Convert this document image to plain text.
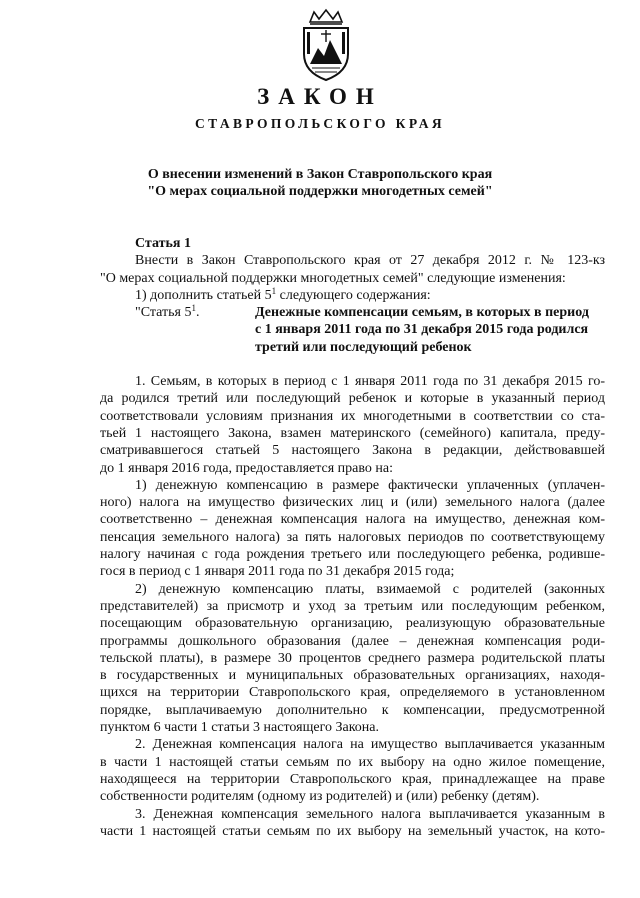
ЗАКОН
СТАВРОПОЛЬСКОГО КРАЯ
О внесении изменений в Закон Ставропольского края
"О мерах социальной поддержки многодетных семей"
Статья 1
Внести в Закон Ставропольского края от 27 декабря 2012 г. № 123-кз
"О мерах социальной поддержки многодетных семей" следующие изменения:
1) дополнить статьей $5^1$ следующего содержания:
"Статья $5^1$.	Денежные компенсации семьям, в которых в период
с 1 января 2011 года по 31 декабря 2015 года родился
третий или последующий ребенок
1. Семьям, в которых в период с 1 января 2011 года по 31 декабря 2015 го-
да родился третий или последующий ребенок и которые в указанный период
соответствовали условиям признания их многодетными в соответствии со ста-
тьей 1 настоящего Закона, взамен материнского (семейного) капитала, преду-
сматривавшегося статьей 5 настоящего Закона в редакции, действовавшей
до 1 января 2016 года, предоставляется право на:
1) денежную компенсацию в размере фактически уплаченных (уплачен-
ного) налога на имущество физических лиц и (или) земельного налога (далее
соответственно – денежная компенсация налога на имущество, денежная ком-
пенсация земельного налога) за пять налоговых периодов по соответствующему
налогу начиная с года рождения третьего или последующего ребенка, родивше-
гося в период с 1 января 2011 года по 31 декабря 2015 года;
2) денежную компенсацию платы, взимаемой с родителей (законных
представителей) за присмотр и уход за третьим или последующим ребенком,
посещающим образовательную организацию, реализующую образовательные
программы дошкольного образования (далее – денежная компенсация роди-
тельской платы), в размере 30 процентов среднего размера родительской платы
в государственных и муниципальных образовательных организациях, находя-
щихся на территории Ставропольского края, определяемого в установленном
порядке, выплачиваемую дополнительно к компенсации, предусмотренной
пунктом 6 части 1 статьи 3 настоящего Закона.
2. Денежная компенсация налога на имущество выплачивается указанным
в части 1 настоящей статьи семьям по их выбору на одно жилое помещение,
находящееся на территории Ставропольского края, принадлежащее на праве
собственности родителям (одному из родителей) и (или) ребенку (детям).
3. Денежная компенсация земельного налога выплачивается указанным в
части 1 настоящей статьи семьям по их выбору на земельный участок, на кото-
